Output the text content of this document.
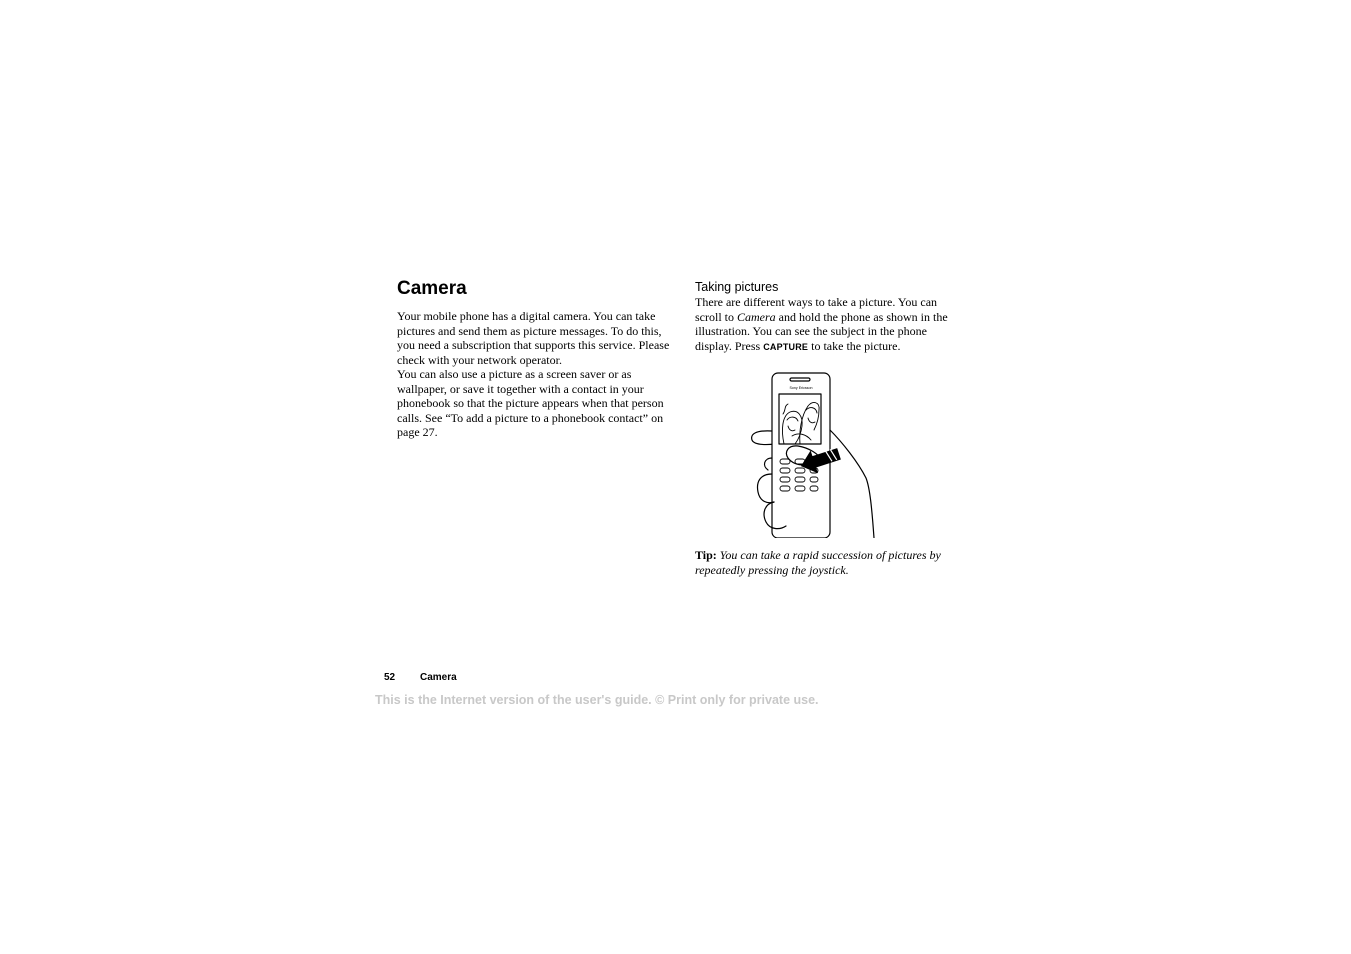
Camera

Your mobile phone has a digital camera. You can take pictures and send them as picture messages. To do this, you need a subscription that supports this service. Please check with your network operator.

You can also use a picture as a screen saver or as wallpaper, or save it together with a contact in your phonebook so that the picture appears when that person calls. See “To add a picture to a phonebook contact” on page 27.

Taking pictures

There are different ways to take a picture. You can scroll to Camera and hold the phone as shown in the illustration. You can see the subject in the phone display. Press CAPTURE to take the picture.

Sony Ericsson

Tip: You can take a rapid succession of pictures by repeatedly pressing the joystick.

52 Camera
This is the Internet version of the user's guide. © Print only for private use.
